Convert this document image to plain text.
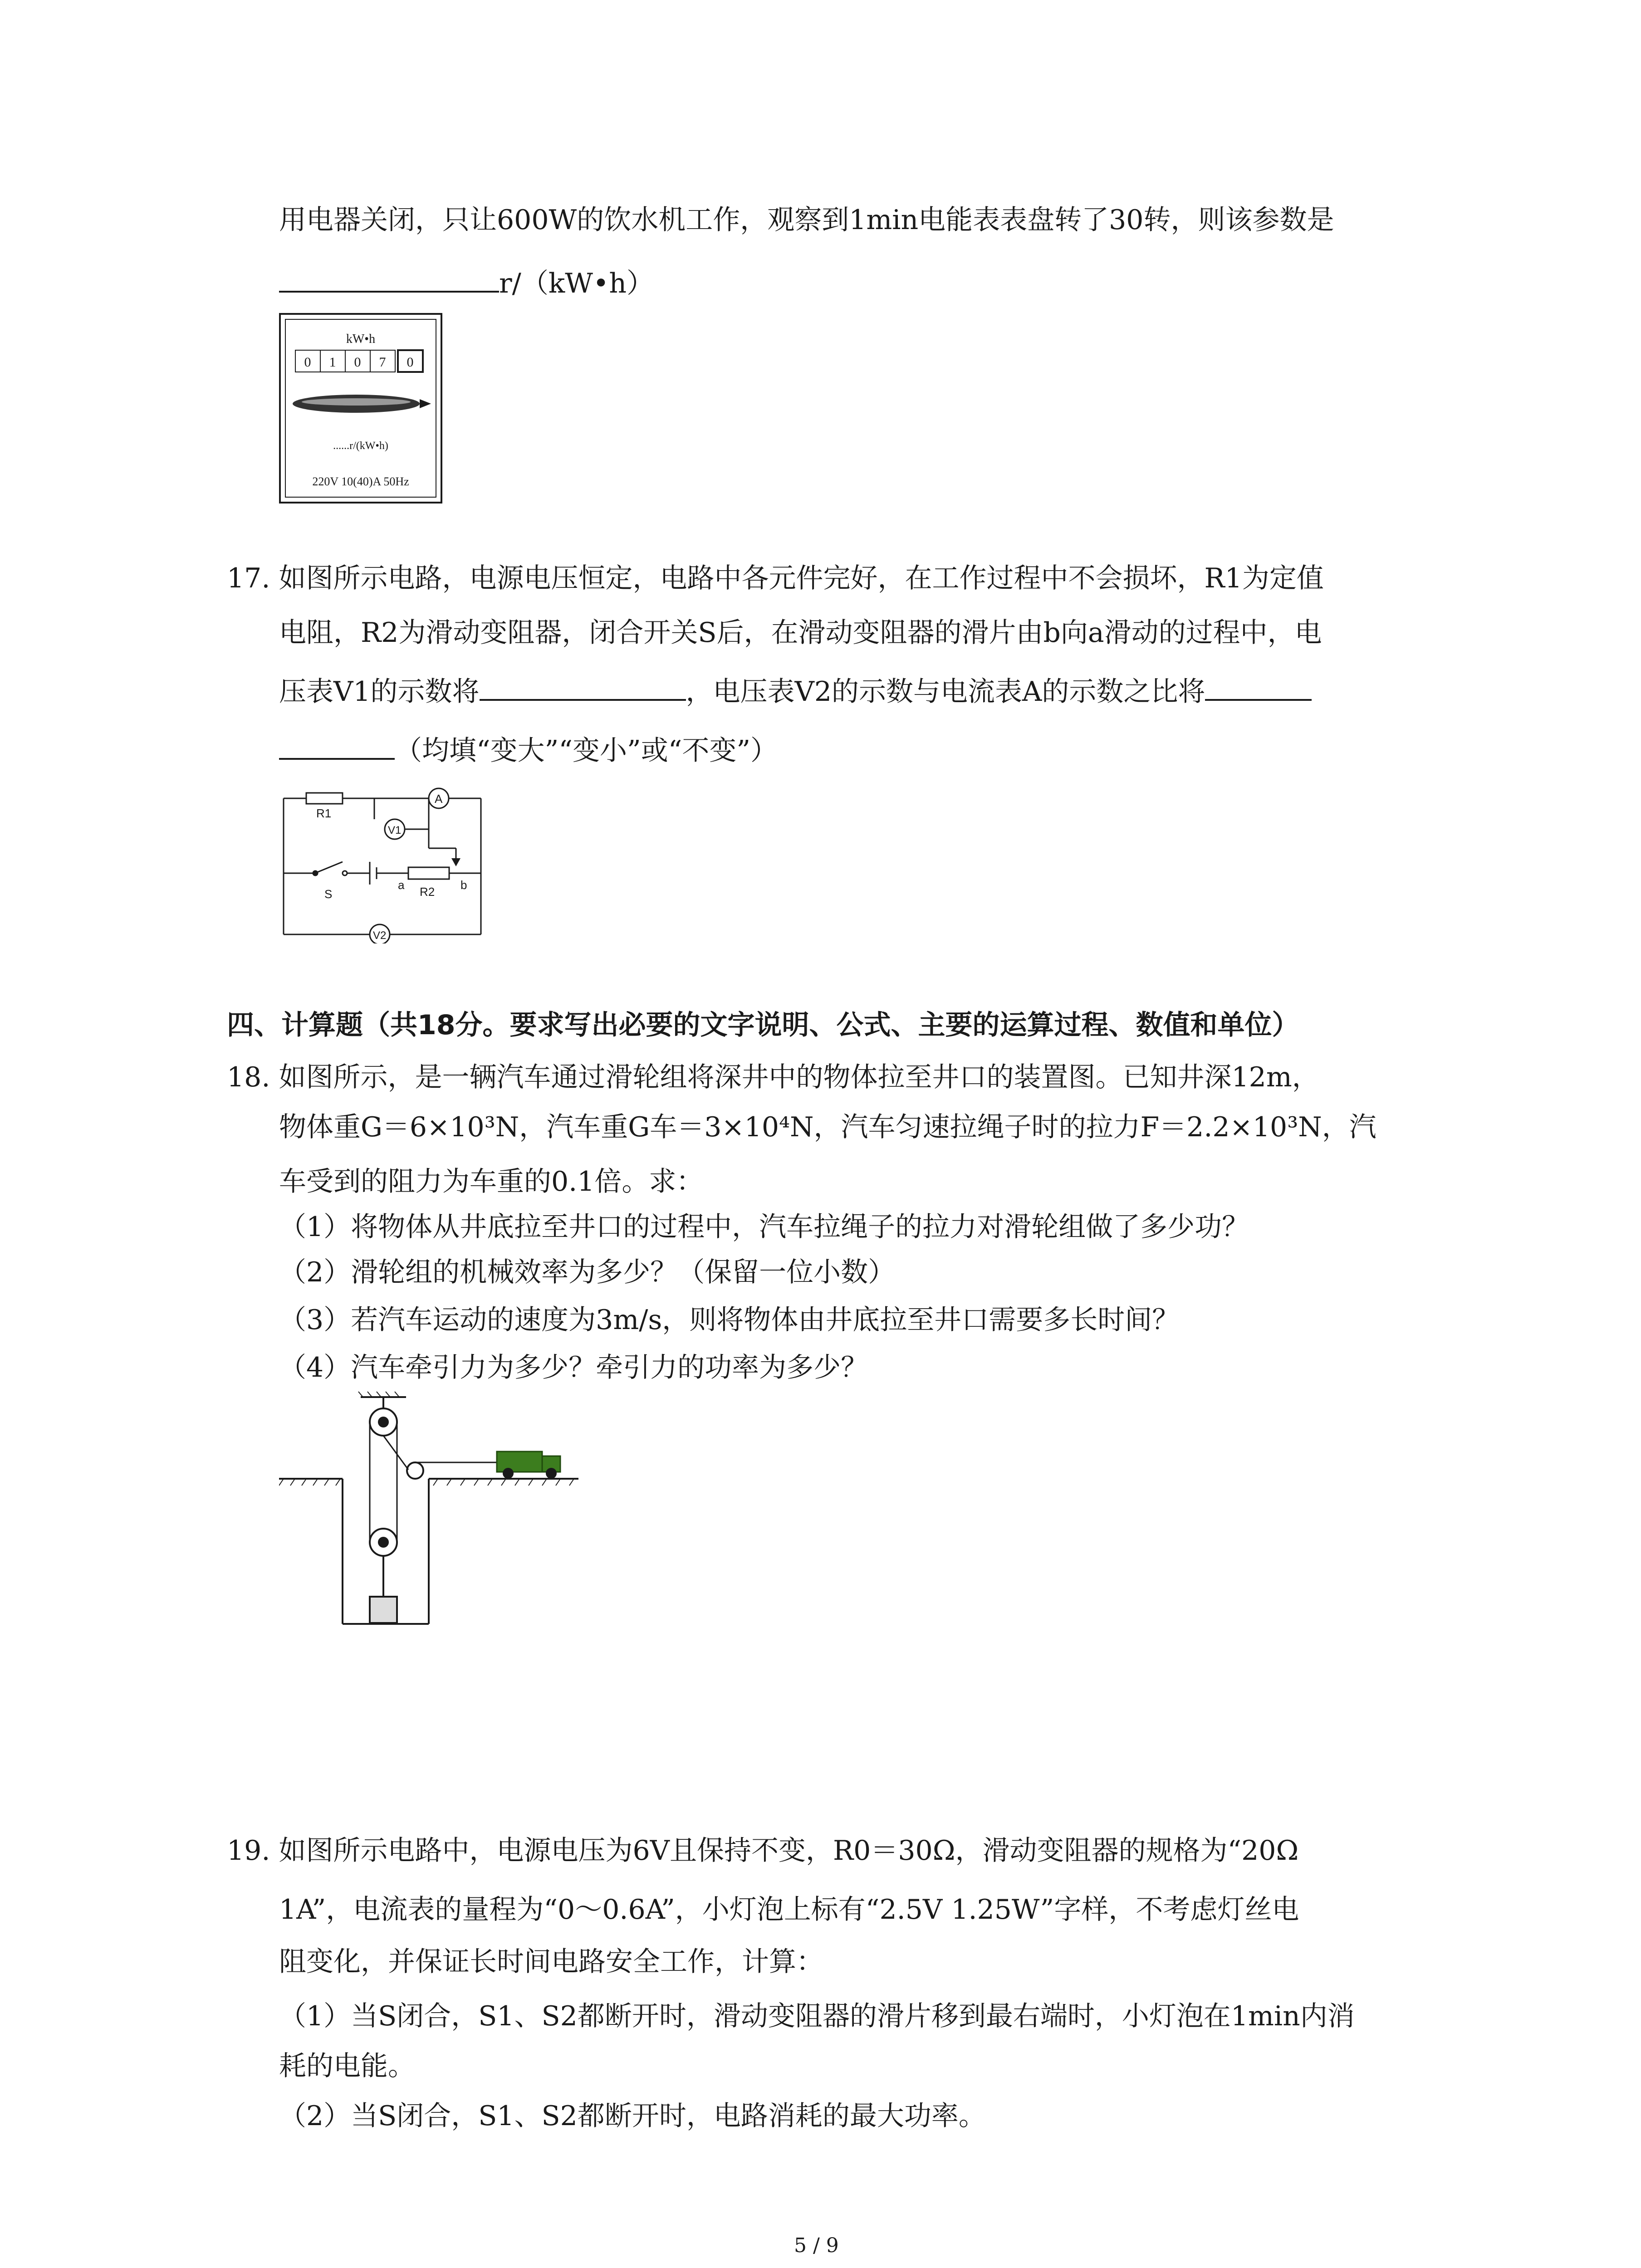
用电器关闭，只让600W的饮水机工作，观察到1min电能表表盘转了30转，则该参数是
r/（kW•h）
kW•h
0 1 0 7 0
......r/(kW•h)
220V 10(40)A 50Hz
17. 如图所示电路，电源电压恒定，电路中各元件完好，在工作过程中不会损坏，R1为定值
电阻，R2为滑动变阻器，闭合开关S后，在滑动变阻器的滑片由b向a滑动的过程中，电
压表V1的示数将	，电压表V2的示数与电流表A的示数之比将
（均填“变大”“变小”或“不变”）
R1
A
V1
S
a R2 b
V2
四、计算题（共18分。要求写出必要的文字说明、公式、主要的运算过程、数值和单位）
18. 如图所示，是一辆汽车通过滑轮组将深井中的物体拉至井口的装置图。已知井深12m，
物体重G＝6×10³N，汽车重G车＝3×10⁴N，汽车匀速拉绳子时的拉力F＝2.2×10³N，汽
车受到的阻力为车重的0.1倍。求：
（1）将物体从井底拉至井口的过程中，汽车拉绳子的拉力对滑轮组做了多少功？
（2）滑轮组的机械效率为多少？（保留一位小数）
（3）若汽车运动的速度为3m/s，则将物体由井底拉至井口需要多长时间？
（4）汽车牵引力为多少？牵引力的功率为多少？
19. 如图所示电路中，电源电压为6V且保持不变，R0＝30Ω，滑动变阻器的规格为“20Ω
1A”，电流表的量程为“0～0.6A”，小灯泡上标有“2.5V 1.25W”字样，不考虑灯丝电
阻变化，并保证长时间电路安全工作，计算：
（1）当S闭合，S1、S2都断开时，滑动变阻器的滑片移到最右端时，小灯泡在1min内消
耗的电能。
（2）当S闭合，S1、S2都断开时，电路消耗的最大功率。
5 / 9
